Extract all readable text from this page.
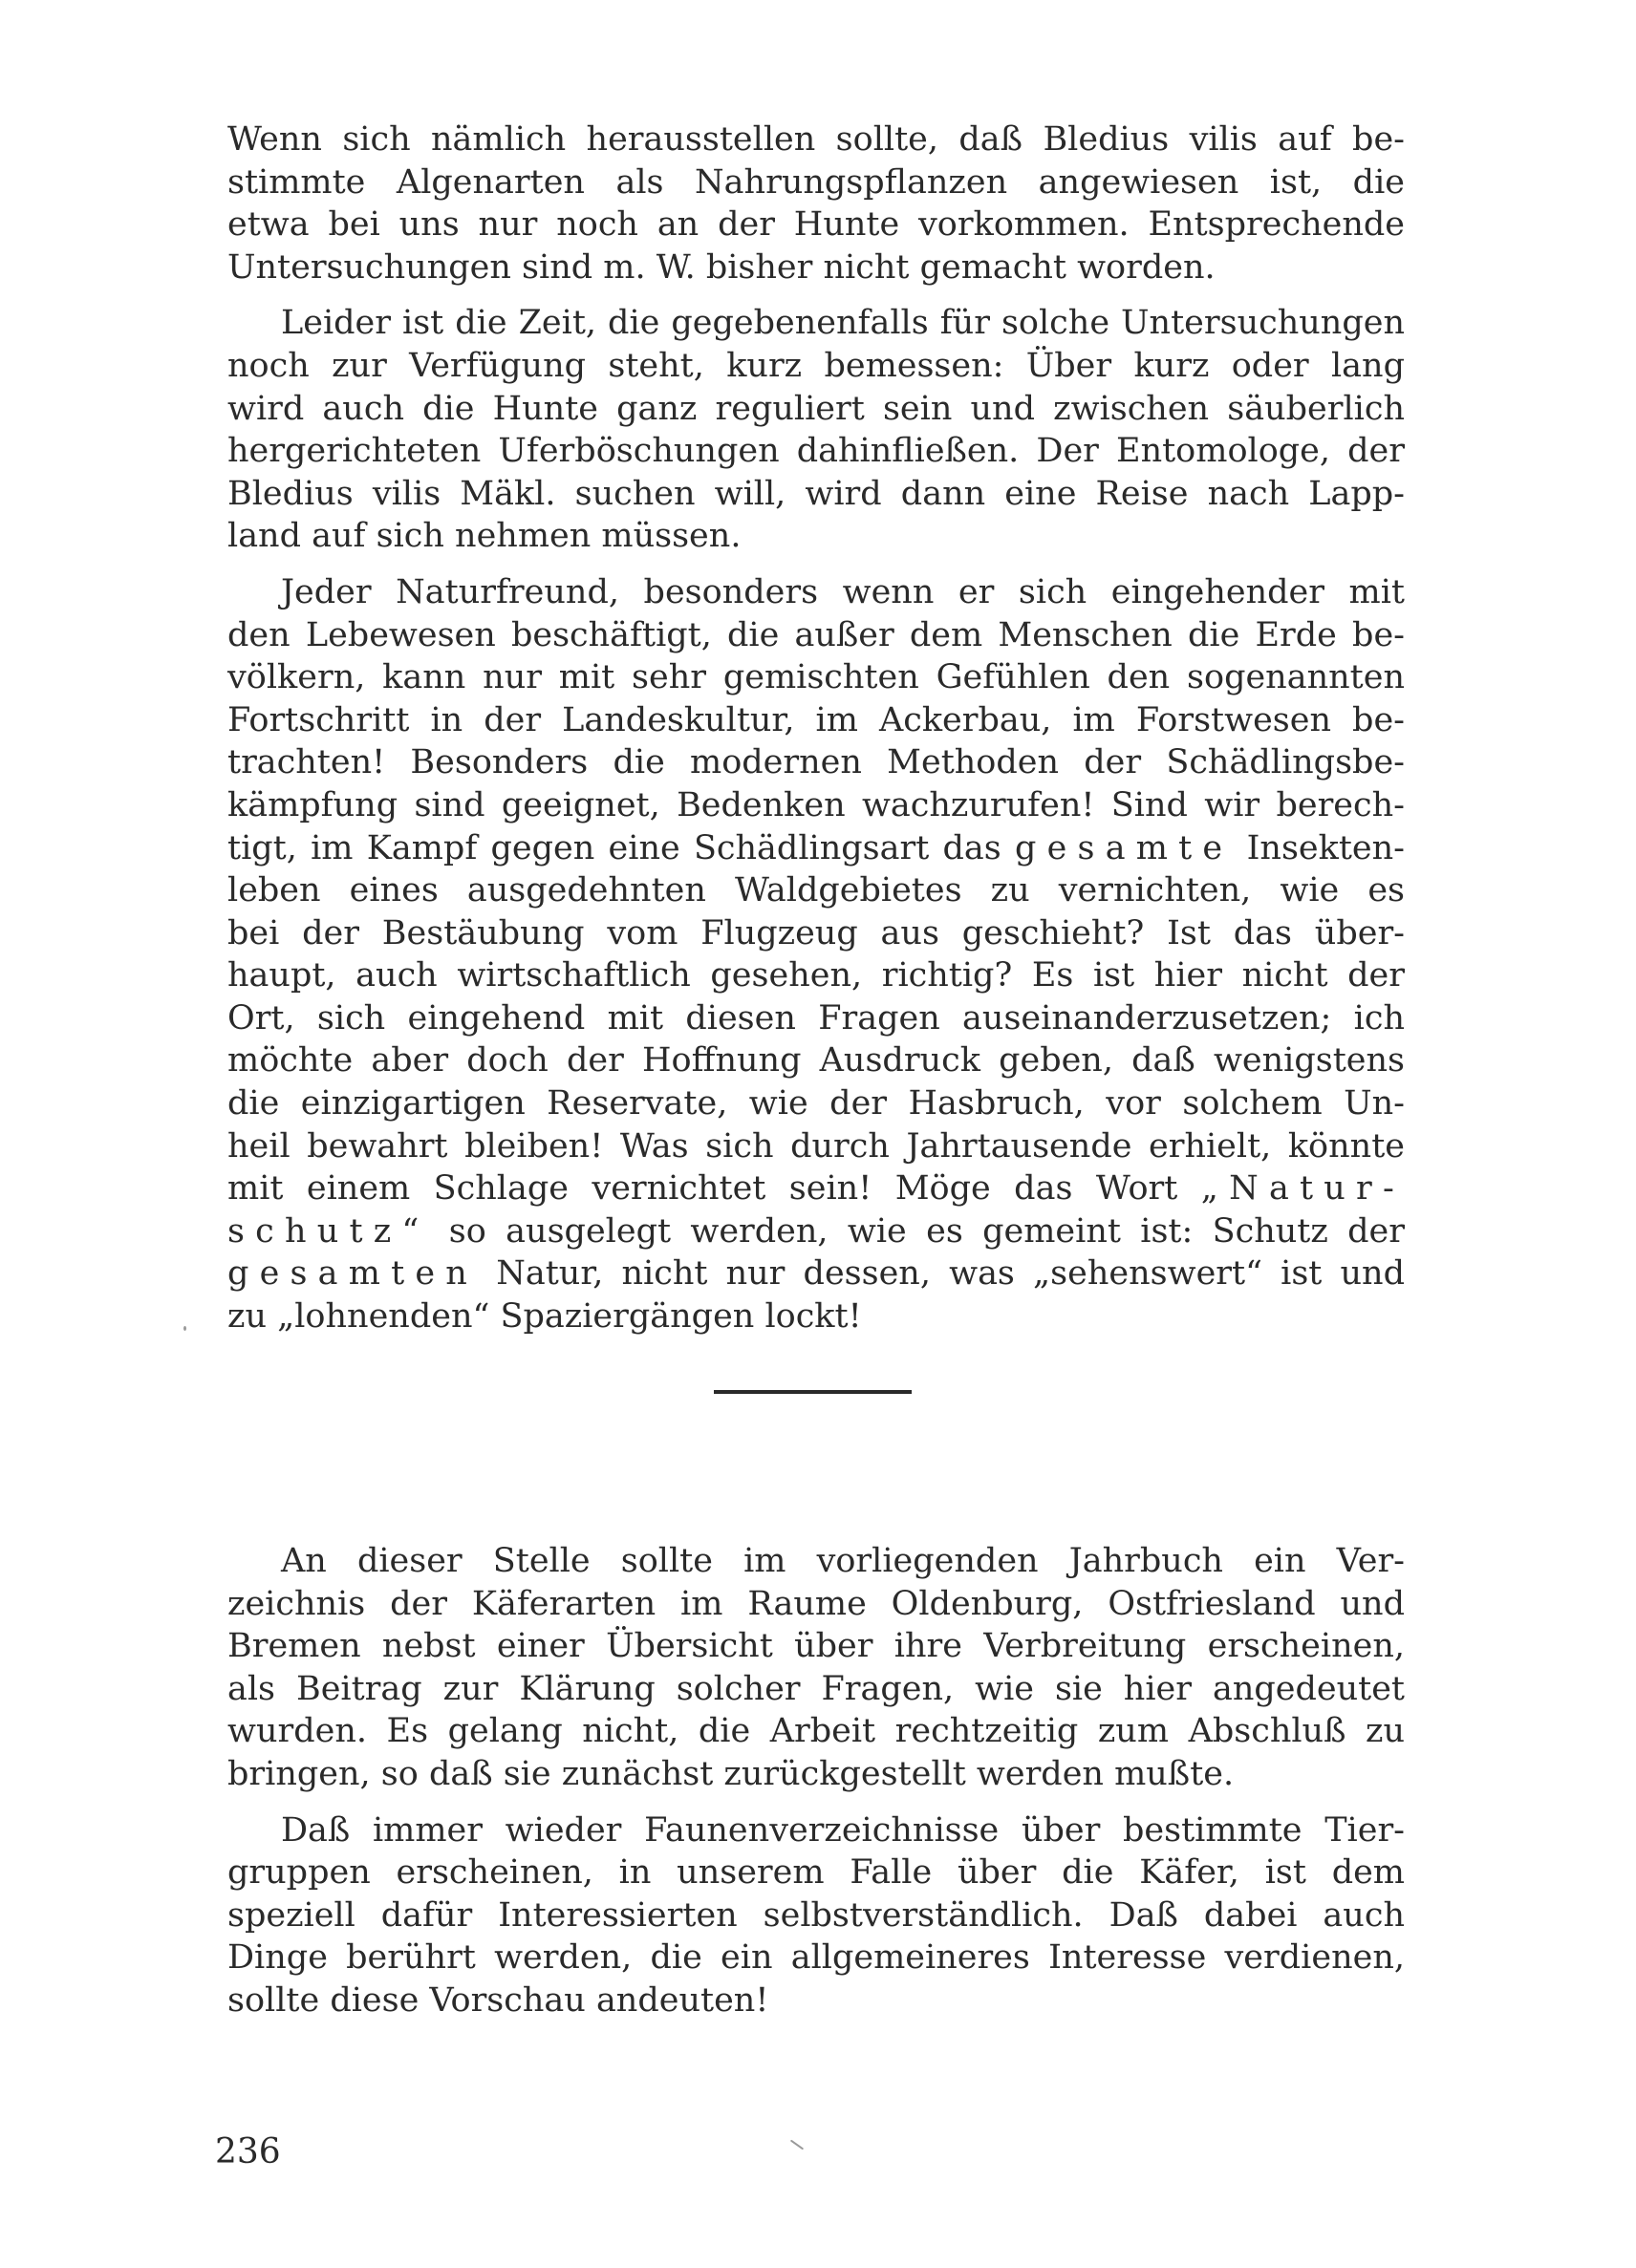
Wenn sich nämlich herausstellen sollte, daß Bledius vilis auf be-
stimmte Algenarten als Nahrungspflanzen angewiesen ist, die
etwa bei uns nur noch an der Hunte vorkommen. Entsprechende
Untersuchungen sind m. W. bisher nicht gemacht worden.
Leider ist die Zeit, die gegebenenfalls für solche Untersuchungen
noch zur Verfügung steht, kurz bemessen: Über kurz oder lang
wird auch die Hunte ganz reguliert sein und zwischen säuberlich
hergerichteten Uferböschungen dahinfließen. Der Entomologe, der
Bledius vilis Mäkl. suchen will, wird dann eine Reise nach Lapp-
land auf sich nehmen müssen.
Jeder Naturfreund, besonders wenn er sich eingehender mit
den Lebewesen beschäftigt, die außer dem Menschen die Erde be-
völkern, kann nur mit sehr gemischten Gefühlen den sogenannten
Fortschritt in der Landeskultur, im Ackerbau, im Forstwesen be-
trachten! Besonders die modernen Methoden der Schädlingsbe-
kämpfung sind geeignet, Bedenken wachzurufen! Sind wir berech-
tigt, im Kampf gegen eine Schädlingsart das gesamte Insekten-
leben eines ausgedehnten Waldgebietes zu vernichten, wie es
bei der Bestäubung vom Flugzeug aus geschieht? Ist das über-
haupt, auch wirtschaftlich gesehen, richtig? Es ist hier nicht der
Ort, sich eingehend mit diesen Fragen auseinanderzusetzen; ich
möchte aber doch der Hoffnung Ausdruck geben, daß wenigstens
die einzigartigen Reservate, wie der Hasbruch, vor solchem Un-
heil bewahrt bleiben! Was sich durch Jahrtausende erhielt, könnte
mit einem Schlage vernichtet sein! Möge das Wort „Natur-
schutz“ so ausgelegt werden, wie es gemeint ist: Schutz der
gesamten Natur, nicht nur dessen, was „sehenswert“ ist und
zu „lohnenden“ Spaziergängen lockt!
An dieser Stelle sollte im vorliegenden Jahrbuch ein Ver-
zeichnis der Käferarten im Raume Oldenburg, Ostfriesland und
Bremen nebst einer Übersicht über ihre Verbreitung erscheinen,
als Beitrag zur Klärung solcher Fragen, wie sie hier angedeutet
wurden. Es gelang nicht, die Arbeit rechtzeitig zum Abschluß zu
bringen, so daß sie zunächst zurückgestellt werden mußte.
Daß immer wieder Faunenverzeichnisse über bestimmte Tier-
gruppen erscheinen, in unserem Falle über die Käfer, ist dem
speziell dafür Interessierten selbstverständlich. Daß dabei auch
Dinge berührt werden, die ein allgemeineres Interesse verdienen,
sollte diese Vorschau andeuten!
236
